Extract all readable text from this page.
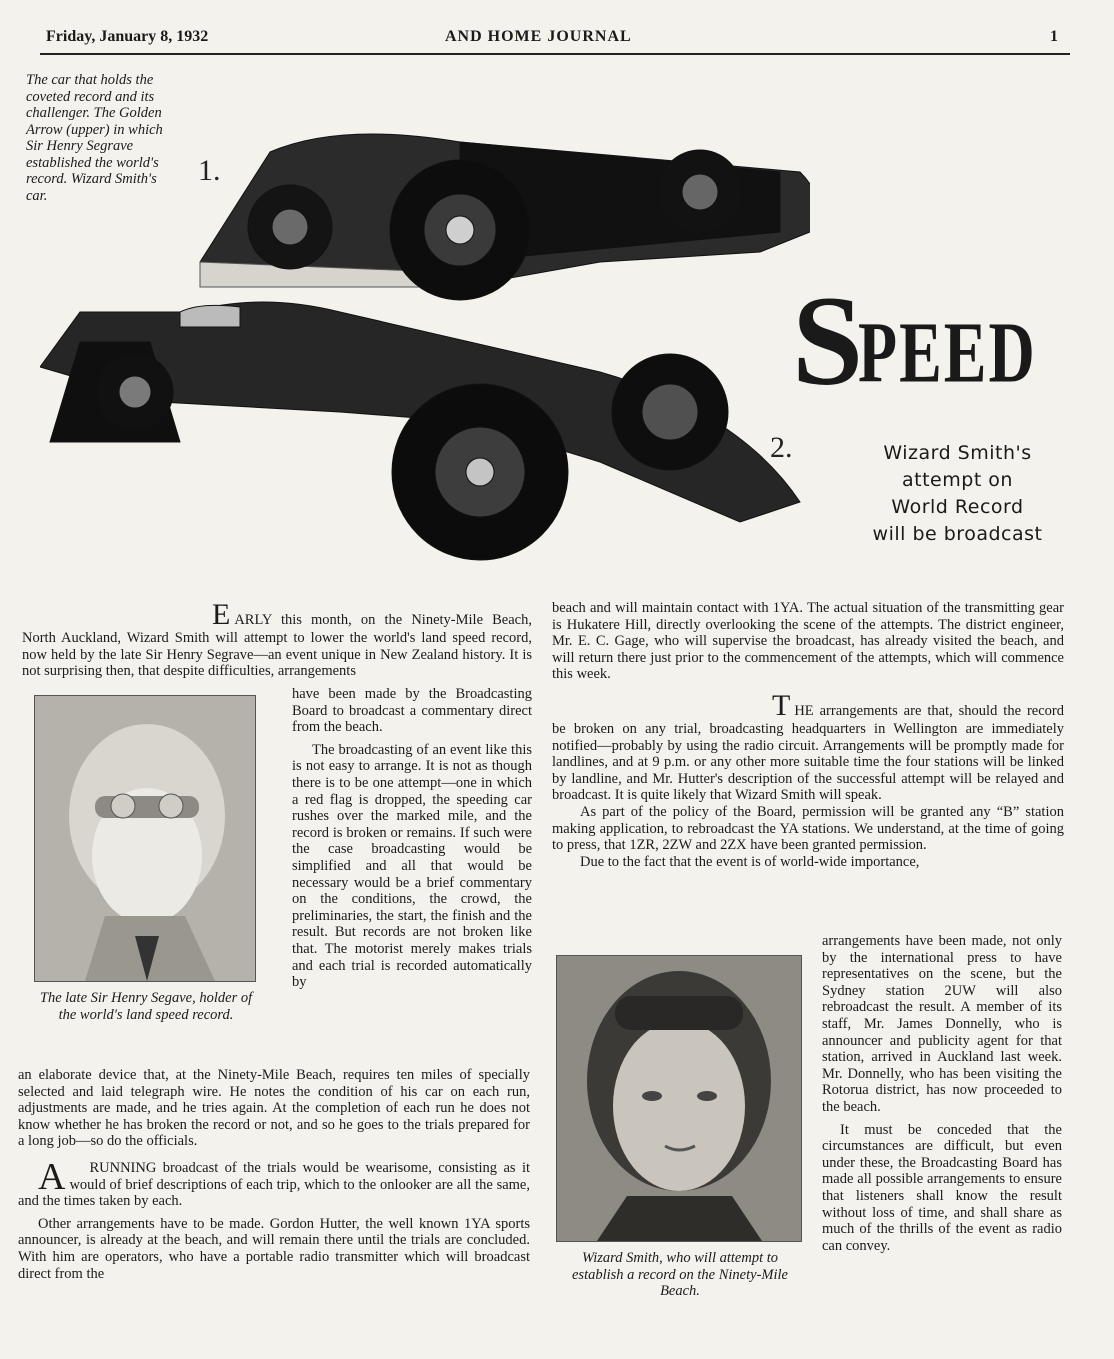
Friday, January 8, 1932	AND HOME JOURNAL	1
The car that holds the coveted record and its challenger. The Golden Arrow (upper) in which Sir Henry Segrave established the world's record. Wizard Smith's car.
1.
2.
S
PEED
Wizard Smith's
attempt on
World Record
will be broadcast

EARLY this month, on the Ninety-Mile Beach, North Auckland, Wizard Smith will attempt to lower the world's land speed record, now held by the late Sir Henry Segrave—an event unique in New Zealand history. It is not surprising then, that despite difficulties, arrangements

The late Sir Henry Segave, holder of the world's land speed record.

have been made by the Broadcasting Board to broadcast a commentary direct from the beach.

The broadcasting of an event like this is not easy to arrange. It is not as though there is to be one attempt—one in which a red flag is dropped, the speeding car rushes over the marked mile, and the record is broken or remains. If such were the case broadcasting would be simplified and all that would be necessary would be a brief commentary on the conditions, the crowd, the preliminaries, the start, the finish and the result. But records are not broken like that. The motorist merely makes trials and each trial is recorded automatically by

an elaborate device that, at the Ninety-Mile Beach, requires ten miles of specially selected and laid telegraph wire. He notes the condition of his car on each run, adjustments are made, and he tries again. At the completion of each run he does not know whether he has broken the record or not, and so he goes to the trials prepared for a long job—so do the officials.

A RUNNING broadcast of the trials would be wearisome, consisting as it would of brief descriptions of each trip, which to the onlooker are all the same, and the times taken by each.

Other arrangements have to be made. Gordon Hutter, the well known 1YA sports announcer, is already at the beach, and will remain there until the trials are concluded. With him are operators, who have a portable radio transmitter which will broadcast direct from the

beach and will maintain contact with 1YA. The actual situation of the transmitting gear is Hukatere Hill, directly overlooking the scene of the attempts. The district engineer, Mr. E. C. Gage, who will supervise the broadcast, has already visited the beach, and will return there just prior to the commencement of the attempts, which will commence this week.

THE arrangements are that, should the record be broken on any trial, broadcasting headquarters in Wellington are immediately notified—probably by using the radio circuit. Arrangements will be promptly made for landlines, and at 9 p.m. or any other more suitable time the four stations will be linked by landline, and Mr. Hutter's description of the successful attempt will be relayed and broadcast. It is quite likely that Wizard Smith will speak.

As part of the policy of the Board, permission will be granted any “B” station making application, to rebroadcast the YA stations. We understand, at the time of going to press, that 1ZR, 2ZW and 2ZX have been granted permission.

Due to the fact that the event is of world-wide importance,

Wizard Smith, who will attempt to establish a record on the Ninety-Mile Beach.

arrangements have been made, not only by the international press to have representatives on the scene, but the Sydney station 2UW will also rebroadcast the result. A member of its staff, Mr. James Donnelly, who is announcer and publicity agent for that station, arrived in Auckland last week. Mr. Donnelly, who has been visiting the Rotorua district, has now proceeded to the beach.

It must be conceded that the circumstances are difficult, but even under these, the Broadcasting Board has made all possible arrangements to ensure that listeners shall know the result without loss of time, and shall share as much of the thrills of the event as radio can convey.
